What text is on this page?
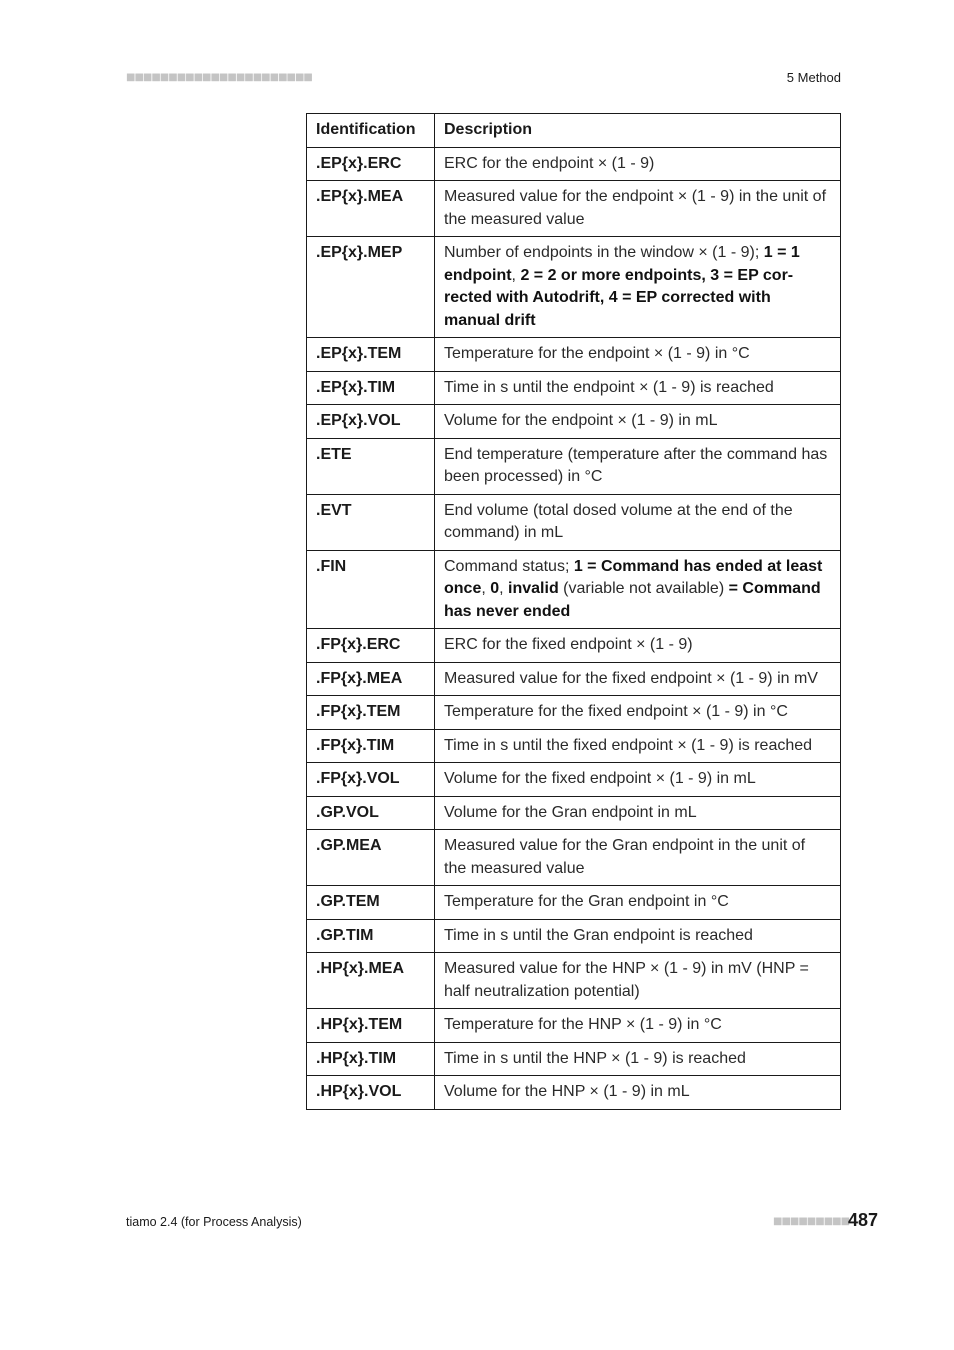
■■■■■■■■■■■■■■■■■■■■■■	5 Method
Identification	Description
.EP{x}.ERC	ERC for the endpoint × (1 - 9)
.EP{x}.MEA	Measured value for the endpoint × (1 - 9) in the unit of the measured value
.EP{x}.MEP	Number of endpoints in the window × (1 - 9); 1 = 1 endpoint, 2 = 2 or more endpoints, 3 = EP corrected with Autodrift, 4 = EP corrected with manual drift
.EP{x}.TEM	Temperature for the endpoint × (1 - 9) in °C
.EP{x}.TIM	Time in s until the endpoint × (1 - 9) is reached
.EP{x}.VOL	Volume for the endpoint × (1 - 9) in mL
.ETE	End temperature (temperature after the command has been processed) in °C
.EVT	End volume (total dosed volume at the end of the command) in mL
.FIN	Command status; 1 = Command has ended at least once, 0, invalid (variable not available) = Command has never ended
.FP{x}.ERC	ERC for the fixed endpoint × (1 - 9)
.FP{x}.MEA	Measured value for the fixed endpoint × (1 - 9) in mV
.FP{x}.TEM	Temperature for the fixed endpoint × (1 - 9) in °C
.FP{x}.TIM	Time in s until the fixed endpoint × (1 - 9) is reached
.FP{x}.VOL	Volume for the fixed endpoint × (1 - 9) in mL
.GP.VOL	Volume for the Gran endpoint in mL
.GP.MEA	Measured value for the Gran endpoint in the unit of the measured value
.GP.TEM	Temperature for the Gran endpoint in °C
.GP.TIM	Time in s until the Gran endpoint is reached
.HP{x}.MEA	Measured value for the HNP × (1 - 9) in mV (HNP = half neutralization potential)
.HP{x}.TEM	Temperature for the HNP × (1 - 9) in °C
.HP{x}.TIM	Time in s until the HNP × (1 - 9) is reached
.HP{x}.VOL	Volume for the HNP × (1 - 9) in mL
tiamo 2.4 (for Process Analysis)	■■■■■■■■■
487
